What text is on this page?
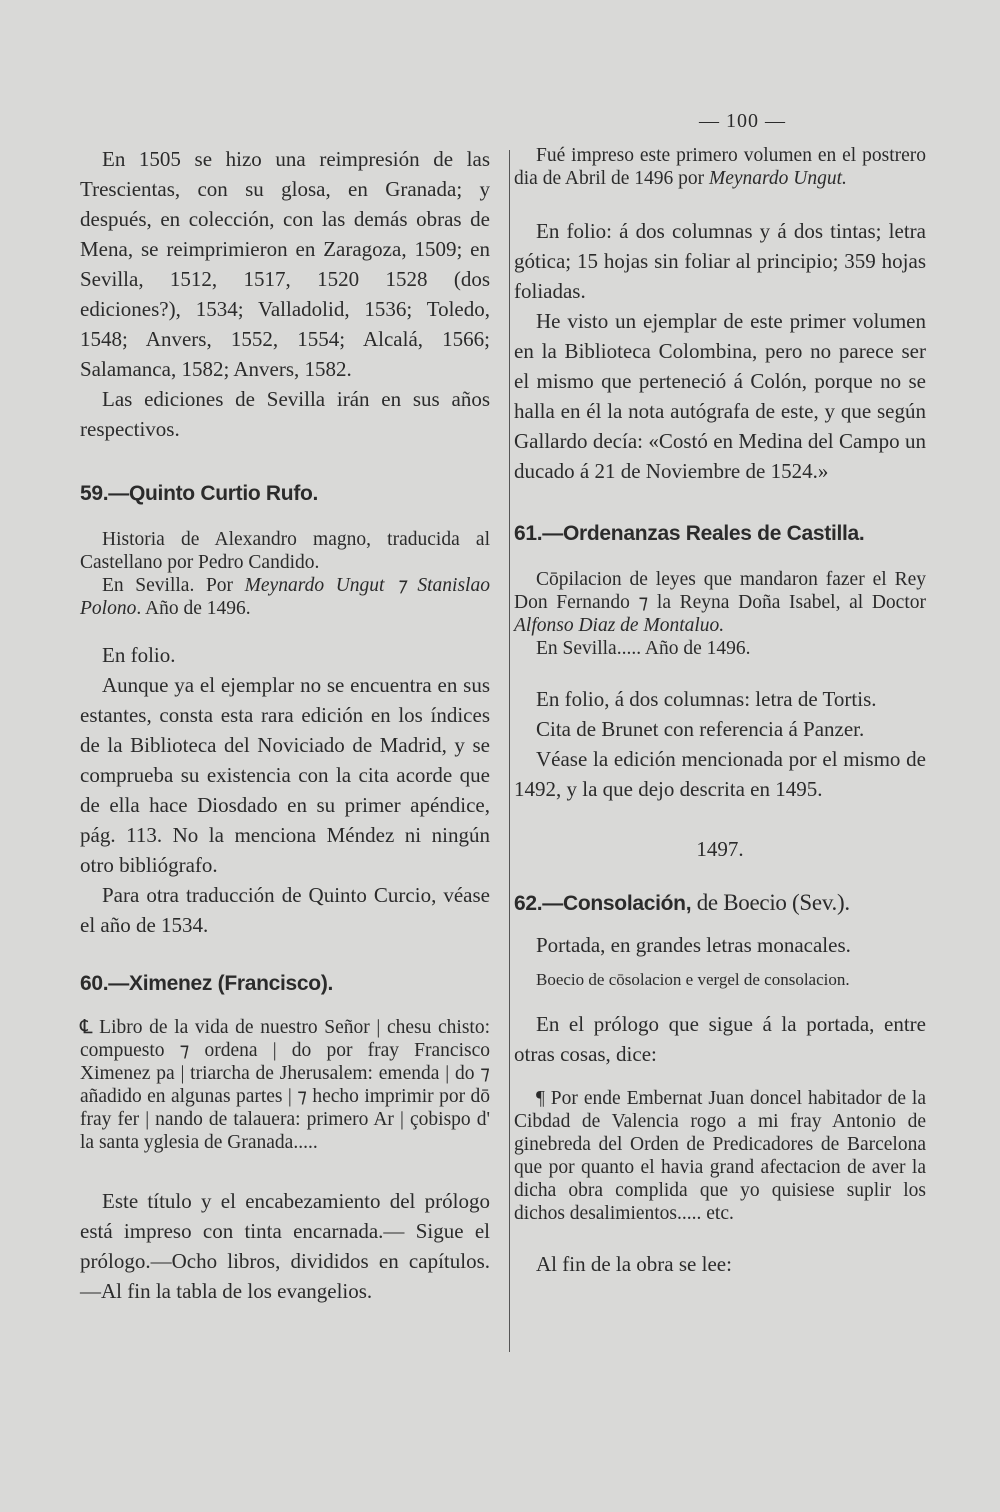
— 100 —

En 1505 se hizo una reimpresión de las Trescientas, con su glosa, en Granada; y después, en colección, con las demás obras de Mena, se reimprimieron en Zaragoza, 1509; en Sevilla, 1512, 1517, 1520 1528 (dos ediciones?), 1534; Valladolid, 1536; Toledo, 1548; Anvers, 1552, 1554; Alcalá, 1566; Salamanca, 1582; Anvers, 1582.

Las ediciones de Sevilla irán en sus años respectivos.

59.—Quinto Curtio Rufo.

Historia de Alexandro magno, traducida al Castellano por Pedro Candido.

En Sevilla. Por Meynardo Ungut ⁊ Stanislao Polono. Año de 1496.

En folio.

Aunque ya el ejemplar no se encuentra en sus estantes, consta esta rara edición en los índices de la Biblioteca del Noviciado de Madrid, y se comprueba su existencia con la cita acorde que de ella hace Diosdado en su primer apéndice, pág. 113. No la menciona Méndez ni ningún otro bibliógrafo.

Para otra traducción de Quinto Curcio, véase el año de 1534.

60.—Ximenez (Francisco).

℄ Libro de la vida de nuestro Señor | chesu chisto: compuesto ⁊ ordena | do por fray Francisco Ximenez pa | triarcha de Jherusalem: emenda | do ⁊ añadido en algunas partes | ⁊ hecho imprimir por dō fray fer | nando de talauera: primero Ar | çobispo d' la santa yglesia de Granada.....

Este título y el encabezamiento del prólogo está impreso con tinta encarnada.— Sigue el prólogo.—Ocho libros, divididos en capítulos.—Al fin la tabla de los evangelios.

Fué impreso este primero volumen en el postrero dia de Abril de 1496 por Meynardo Ungut.

En folio: á dos columnas y á dos tintas; letra gótica; 15 hojas sin foliar al principio; 359 hojas foliadas.

He visto un ejemplar de este primer volumen en la Biblioteca Colombina, pero no parece ser el mismo que perteneció á Colón, porque no se halla en él la nota autógrafa de este, y que según Gallardo decía: «Costó en Medina del Campo un ducado á 21 de Noviembre de 1524.»

61.—Ordenanzas Reales de Castilla.

Cōpilacion de leyes que mandaron fazer el Rey Don Fernando ⁊ la Reyna Doña Isabel, al Doctor Alfonso Diaz de Montaluo.

En Sevilla..... Año de 1496.

En folio, á dos columnas: letra de Tortis.

Cita de Brunet con referencia á Panzer.

Véase la edición mencionada por el mismo de 1492, y la que dejo descrita en 1495.

1497.

62.—Consolación, de Boecio (Sev.).

Portada, en grandes letras monacales.

Boecio de cōsolacion e vergel de consolacion.

En el prólogo que sigue á la portada, entre otras cosas, dice:

¶ Por ende Embernat Juan doncel habitador de la Cibdad de Valencia rogo a mi fray Antonio de ginebreda del Orden de Predicadores de Barcelona que por quanto el havia grand afectacion de aver la dicha obra complida que yo quisiese suplir los dichos desalimientos..... etc.

Al fin de la obra se lee:
